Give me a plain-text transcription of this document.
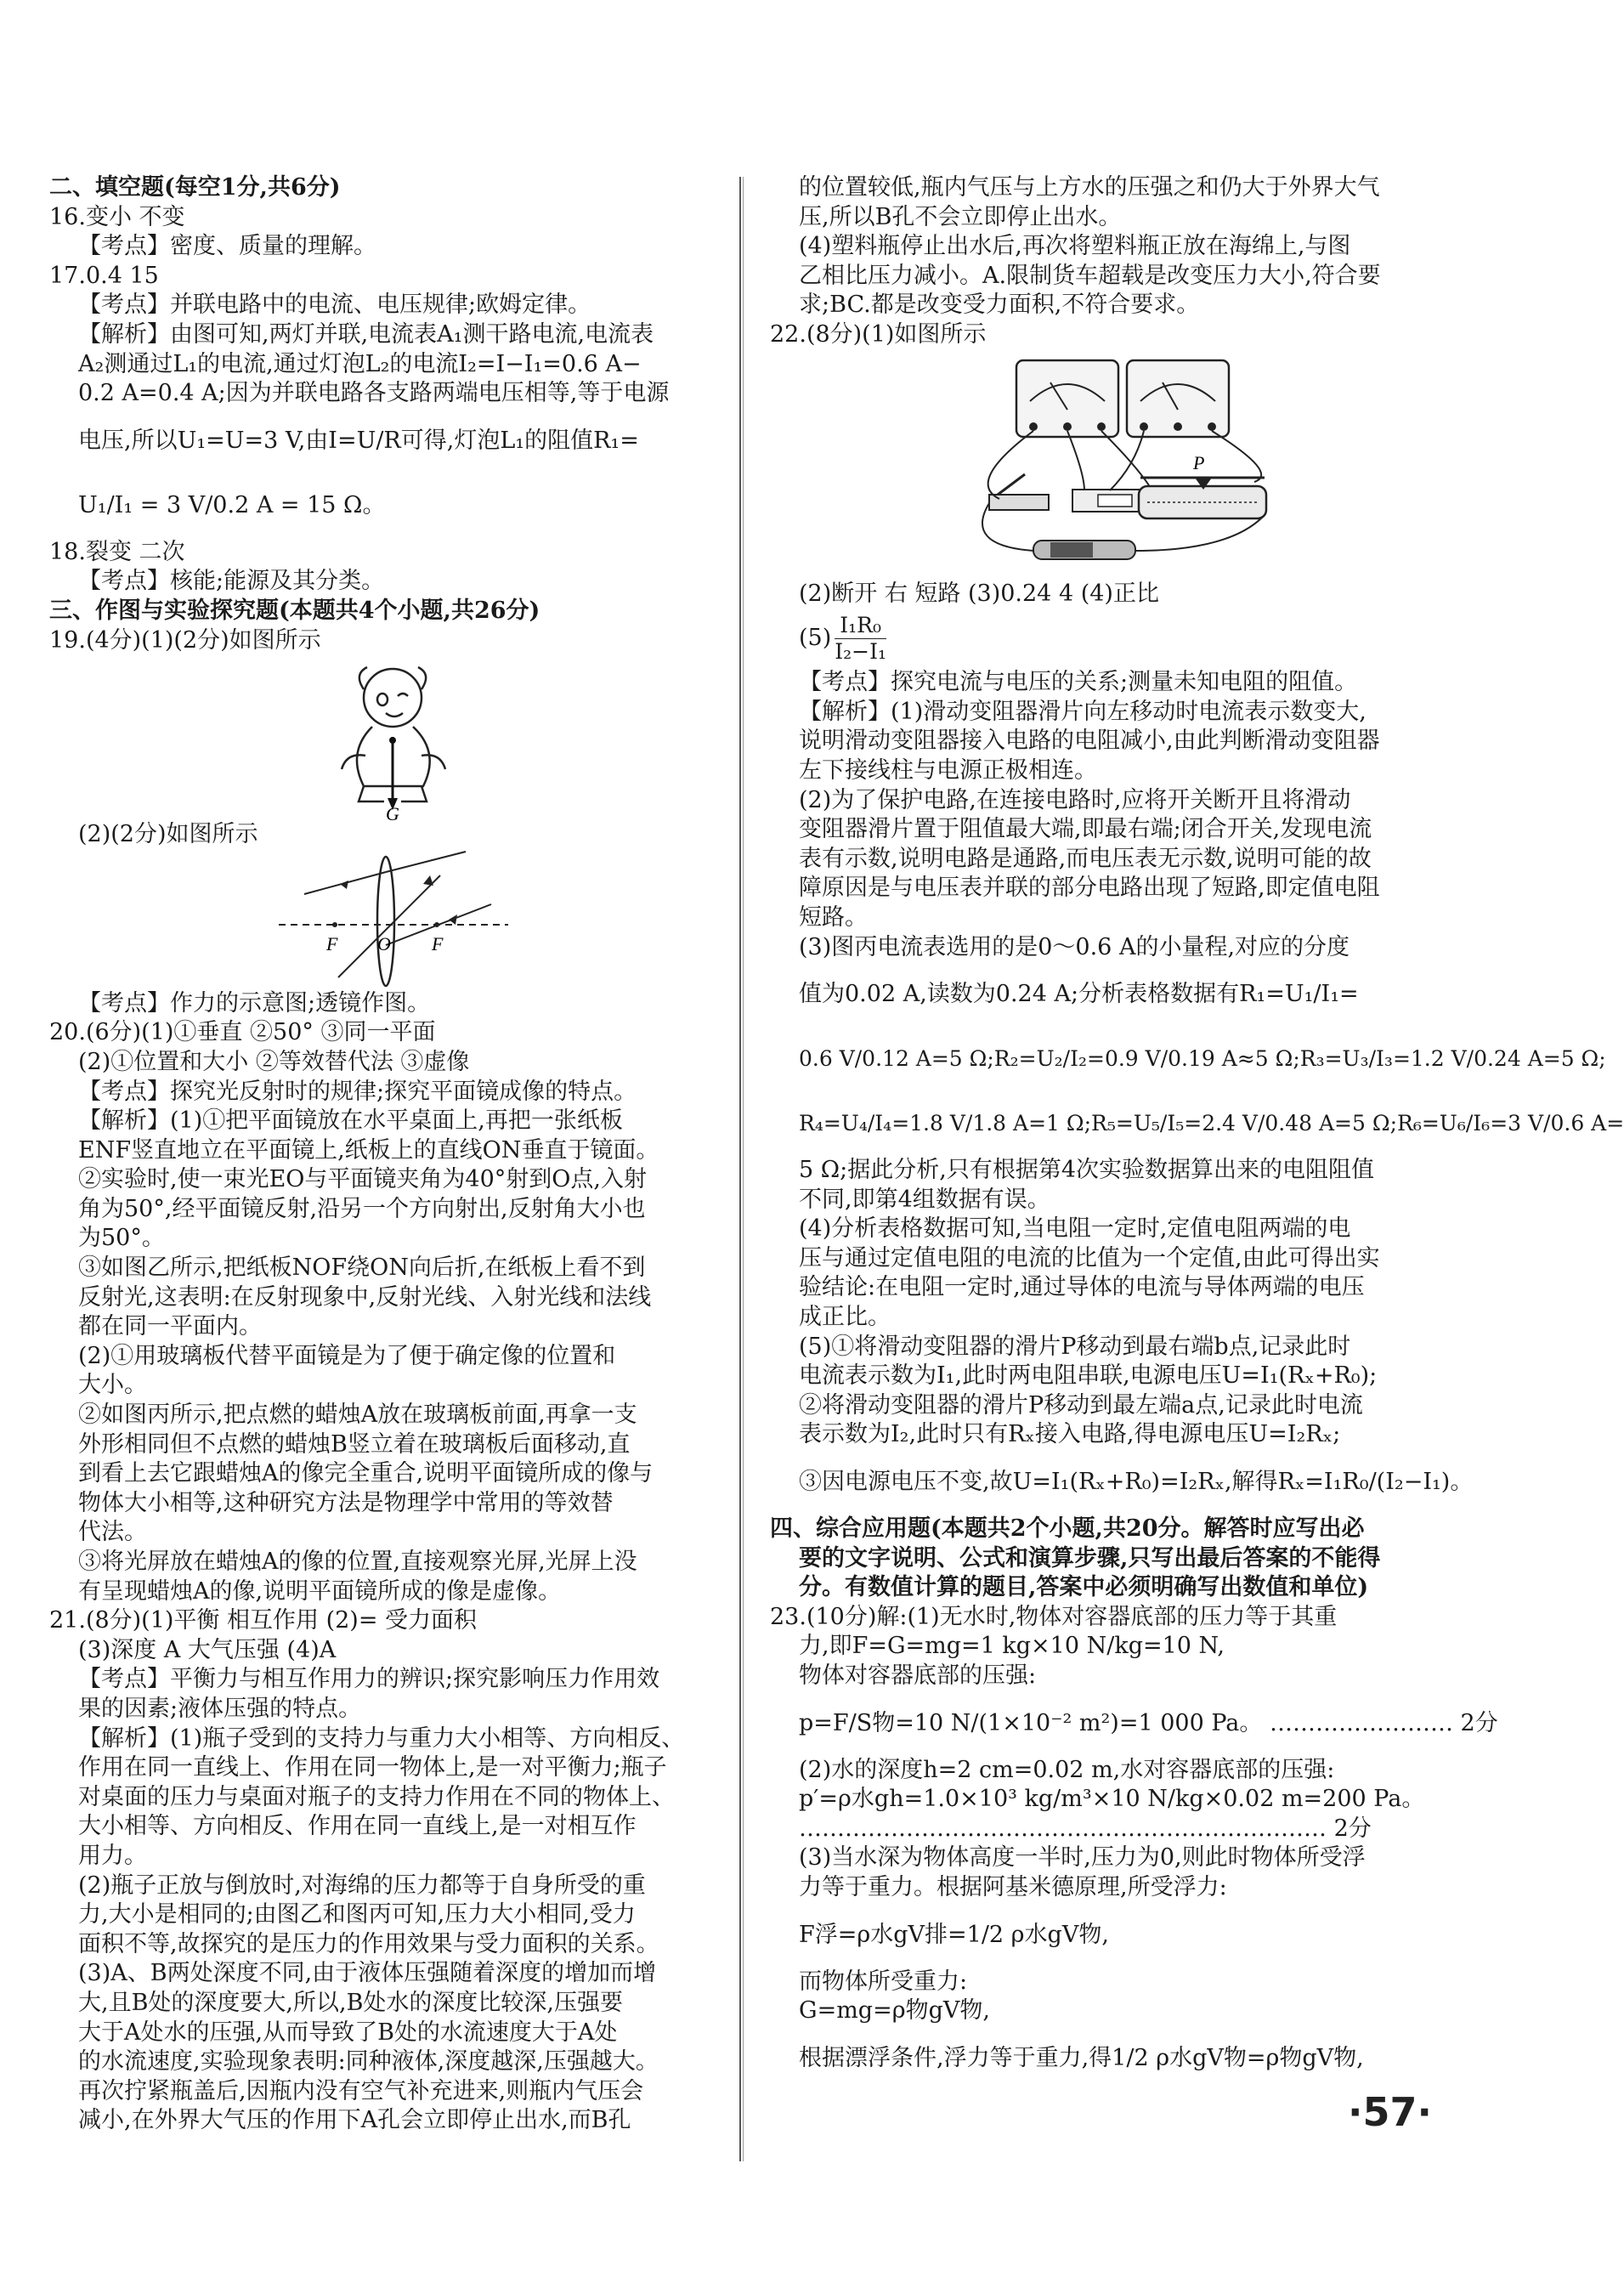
二、填空题(每空1分,共6分)
16.变小 不变
【考点】密度、质量的理解。
17.0.4 15
【考点】并联电路中的电流、电压规律;欧姆定律。
【解析】由图可知,两灯并联,电流表A₁测干路电流,电流表
A₂测通过L₁的电流,通过灯泡L₂的电流I₂=I−I₁=0.6 A−
0.2 A=0.4 A;因为并联电路各支路两端电压相等,等于电源
电压,所以U₁=U=3 V,由I=U/R可得,灯泡L₁的阻值R₁=
U₁/I₁ = 3 V/0.2 A = 15 Ω。
18.裂变 二次
【考点】核能;能源及其分类。
三、作图与实验探究题(本题共4个小题,共26分)
19.(4分)(1)(2分)如图所示
G
(2)(2分)如图所示
F O F
【考点】作力的示意图;透镜作图。
20.(6分)(1)①垂直 ②50° ③同一平面
(2)①位置和大小 ②等效替代法 ③虚像
【考点】探究光反射时的规律;探究平面镜成像的特点。
【解析】(1)①把平面镜放在水平桌面上,再把一张纸板
ENF竖直地立在平面镜上,纸板上的直线ON垂直于镜面。
②实验时,使一束光EO与平面镜夹角为40°射到O点,入射
角为50°,经平面镜反射,沿另一个方向射出,反射角大小也
为50°。
③如图乙所示,把纸板NOF绕ON向后折,在纸板上看不到
反射光,这表明:在反射现象中,反射光线、入射光线和法线
都在同一平面内。
(2)①用玻璃板代替平面镜是为了便于确定像的位置和
大小。
②如图丙所示,把点燃的蜡烛A放在玻璃板前面,再拿一支
外形相同但不点燃的蜡烛B竖立着在玻璃板后面移动,直
到看上去它跟蜡烛A的像完全重合,说明平面镜所成的像与
物体大小相等,这种研究方法是物理学中常用的等效替
代法。
③将光屏放在蜡烛A的像的位置,直接观察光屏,光屏上没
有呈现蜡烛A的像,说明平面镜所成的像是虚像。
21.(8分)(1)平衡 相互作用 (2)= 受力面积
(3)深度 A 大气压强 (4)A
【考点】平衡力与相互作用力的辨识;探究影响压力作用效
果的因素;液体压强的特点。
【解析】(1)瓶子受到的支持力与重力大小相等、方向相反、
作用在同一直线上、作用在同一物体上,是一对平衡力;瓶子
对桌面的压力与桌面对瓶子的支持力作用在不同的物体上、
大小相等、方向相反、作用在同一直线上,是一对相互作
用力。
(2)瓶子正放与倒放时,对海绵的压力都等于自身所受的重
力,大小是相同的;由图乙和图丙可知,压力大小相同,受力
面积不等,故探究的是压力的作用效果与受力面积的关系。
(3)A、B两处深度不同,由于液体压强随着深度的增加而增
大,且B处的深度要大,所以,B处水的深度比较深,压强要
大于A处水的压强,从而导致了B处的水流速度大于A处
的水流速度,实验现象表明:同种液体,深度越深,压强越大。
再次拧紧瓶盖后,因瓶内没有空气补充进来,则瓶内气压会
减小,在外界大气压的作用下A孔会立即停止出水,而B孔
的位置较低,瓶内气压与上方水的压强之和仍大于外界大气
压,所以B孔不会立即停止出水。
(4)塑料瓶停止出水后,再次将塑料瓶正放在海绵上,与图
乙相比压力减小。A.限制货车超载是改变压力大小,符合要
求;BC.都是改变受力面积,不符合要求。
22.(8分)(1)如图所示
P
(2)断开 右 短路 (3)0.24 4 (4)正比
$(5) \frac{\text{I₁R₀}}{\text{I₂−I₁}}$
【考点】探究电流与电压的关系;测量未知电阻的阻值。
【解析】(1)滑动变阻器滑片向左移动时电流表示数变大,
说明滑动变阻器接入电路的电阻减小,由此判断滑动变阻器
左下接线柱与电源正极相连。
(2)为了保护电路,在连接电路时,应将开关断开且将滑动
变阻器滑片置于阻值最大端,即最右端;闭合开关,发现电流
表有示数,说明电路是通路,而电压表无示数,说明可能的故
障原因是与电压表并联的部分电路出现了短路,即定值电阻
短路。
(3)图丙电流表选用的是0～0.6 A的小量程,对应的分度
值为0.02 A,读数为0.24 A;分析表格数据有R₁=U₁/I₁=
0.6 V/0.12 A=5 Ω;R₂=U₂/I₂=0.9 V/0.19 A≈5 Ω;R₃=U₃/I₃=1.2 V/0.24 A=5 Ω;
R₄=U₄/I₄=1.8 V/1.8 A=1 Ω;R₅=U₅/I₅=2.4 V/0.48 A=5 Ω;R₆=U₆/I₆=3 V/0.6 A=
5 Ω;据此分析,只有根据第4次实验数据算出来的电阻阻值
不同,即第4组数据有误。
(4)分析表格数据可知,当电阻一定时,定值电阻两端的电
压与通过定值电阻的电流的比值为一个定值,由此可得出实
验结论:在电阻一定时,通过导体的电流与导体两端的电压
成正比。
(5)①将滑动变阻器的滑片P移动到最右端b点,记录此时
电流表示数为I₁,此时两电阻串联,电源电压U=I₁(Rₓ+R₀);
②将滑动变阻器的滑片P移动到最左端a点,记录此时电流
表示数为I₂,此时只有Rₓ接入电路,得电源电压U=I₂Rₓ;
③因电源电压不变,故U=I₁(Rₓ+R₀)=I₂Rₓ,解得Rₓ=I₁R₀/(I₂−I₁)。
四、综合应用题(本题共2个小题,共20分。解答时应写出必
要的文字说明、公式和演算步骤,只写出最后答案的不能得
分。有数值计算的题目,答案中必须明确写出数值和单位)
23.(10分)解:(1)无水时,物体对容器底部的压力等于其重
力,即F=G=mg=1 kg×10 N/kg=10 N,
物体对容器底部的压强:
p=F/S物=10 N/(1×10⁻² m²)=1 000 Pa。 …………………… 2分
(2)水的深度h=2 cm=0.02 m,水对容器底部的压强:
p′=ρ水gh=1.0×10³ kg/m³×10 N/kg×0.02 m=200 Pa。
…………………………………………………………… 2分
(3)当水深为物体高度一半时,压力为0,则此时物体所受浮
力等于重力。根据阿基米德原理,所受浮力:
F浮=ρ水gV排=1/2 ρ水gV物,
而物体所受重力:
G=mg=ρ物gV物,
根据漂浮条件,浮力等于重力,得1/2 ρ水gV物=ρ物gV物,
·57·
